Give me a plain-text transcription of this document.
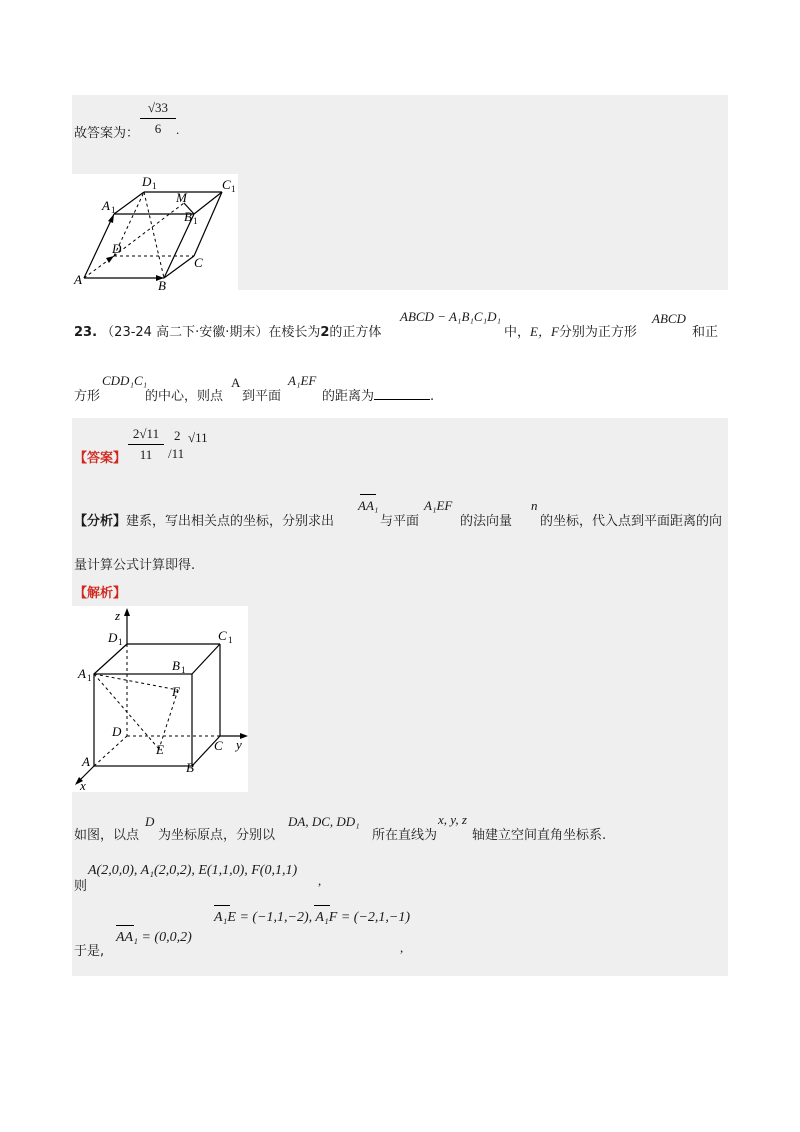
故答案为： $\frac{√33}{6}$ .
A	B
C
D
A 1	B 1
C 1
D 1
M
23. （23-24 高二下·安徽·期末）在棱长为2的正方体
ABCD − A₁B₁C₁D₁
中，E，F分别为正方形
ABCD
和正
方形
CDD₁C₁
的中心，则点
A
到平面
A₁EF
的距离为	.
【答案】 $\frac{2√11}{11} 2$
/11
√11
【分析】建系，写出相关点的坐标，分别求出
AA₁
与平面
A₁EF
的法向量
n
的坐标，代入点到平面距离的向
量计算公式计算即得.
【解析】
z
y
x
D 1	C 1
A 1
B 1
F
D
E	C
A	B
如图，以点
D
为坐标原点，分别以
DA, DC, DD₁
所在直线为
x, y, z
轴建立空间直角坐标系.
则
A(2,0,0), A₁(2,0,2), E(1,1,0), F(0,1,1)
,
于是,
AA₁ = (0,0,2)
A₁E = (−1,1,−2), A₁F = (−2,1,−1)
,
